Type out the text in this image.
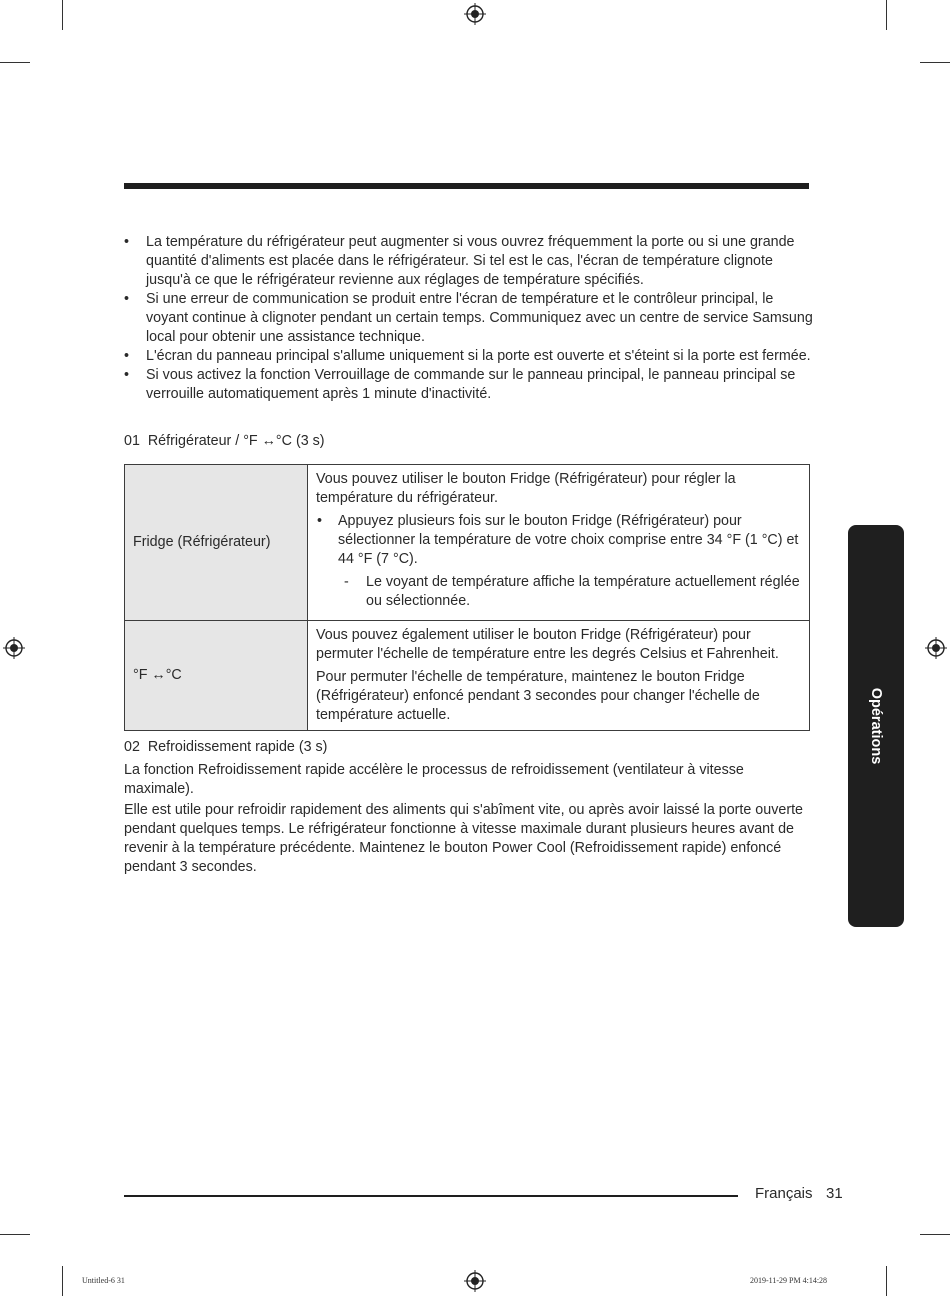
• La température du réfrigérateur peut augmenter si vous ouvrez fréquemment la porte ou si une grande quantité d'aliments est placée dans le réfrigérateur. Si tel est le cas, l'écran de température clignote jusqu'à ce que le réfrigérateur revienne aux réglages de température spécifiés.
• Si une erreur de communication se produit entre l'écran de température et le contrôleur principal, le voyant continue à clignoter pendant un certain temps. Communiquez avec un centre de service Samsung local pour obtenir une assistance technique.
• L'écran du panneau principal s'allume uniquement si la porte est ouverte et s'éteint si la porte est fermée.
• Si vous activez la fonction Verrouillage de commande sur le panneau principal, le panneau principal se verrouille automatiquement après 1 minute d'inactivité.
01 Réfrigérateur / °F ↔°C (3 s)
Fridge (Réfrigérateur)	Vous pouvez utiliser le bouton Fridge (Réfrigérateur) pour régler la température du réfrigérateur.

• Appuyez plusieurs fois sur le bouton Fridge (Réfrigérateur) pour sélectionner la température de votre choix comprise entre 34 °F (1 °C) et 44 °F (7 °C).

- Le voyant de température affiche la température actuellement réglée ou sélectionnée.

°F ↔°C	Vous pouvez également utiliser le bouton Fridge (Réfrigérateur) pour permuter l'échelle de température entre les degrés Celsius et Fahrenheit.

Pour permuter l'échelle de température, maintenez le bouton Fridge (Réfrigérateur) enfoncé pendant 3 secondes pour changer l'échelle de température actuelle.

02 Refroidissement rapide (3 s)

La fonction Refroidissement rapide accélère le processus de refroidissement (ventilateur à vitesse maximale).

Elle est utile pour refroidir rapidement des aliments qui s'abîment vite, ou après avoir laissé la porte ouverte pendant quelques temps. Le réfrigérateur fonctionne à vitesse maximale durant plusieurs heures avant de revenir à la température précédente. Maintenez le bouton Power Cool (Refroidissement rapide) enfoncé pendant 3 secondes.

Opérations
Français 31
Untitled-6 31	2019-11-29 PM 4:14:28
